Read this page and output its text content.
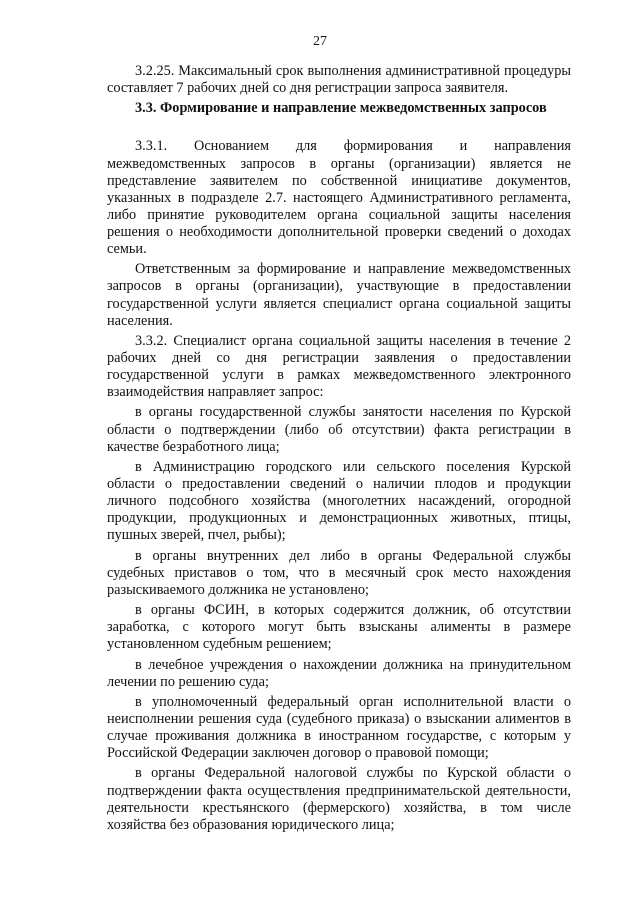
27

3.2.25. Максимальный срок выполнения административной процедуры составляет 7 рабочих дней со дня регистрации запроса заявителя.

3.3. Формирование и направление межведомственных запросов

3.3.1. Основанием для формирования и направления межведомственных запросов в органы (организации) является не представление заявителем по собственной инициативе документов, указанных в подразделе 2.7. настоящего Административного регламента, либо принятие руководителем органа социальной защиты населения решения о необходимости дополнительной проверки сведений о доходах семьи.

Ответственным за формирование и направление межведомственных запросов в органы (организации), участвующие в предоставлении государственной услуги является специалист органа социальной защиты населения.

3.3.2. Специалист органа социальной защиты населения в течение 2 рабочих дней со дня регистрации заявления о предоставлении государственной услуги в рамках межведомственного электронного взаимодействия направляет запрос:

в органы государственной службы занятости населения по Курской области о подтверждении (либо об отсутствии) факта регистрации в качестве безработного лица;

в Администрацию городского или сельского поселения Курской области о предоставлении сведений о наличии плодов и продукции личного подсобного хозяйства (многолетних насаждений, огородной продукции, продукционных и демонстрационных животных, птицы, пушных зверей, пчел, рыбы);

в органы внутренних дел либо в органы Федеральной службы судебных приставов о том, что в месячный срок место нахождения разыскиваемого должника не установлено;

в органы ФСИН, в которых содержится должник, об отсутствии заработка, с которого могут быть взысканы алименты в размере установленном судебным решением;

в лечебное учреждения о нахождении должника на принудительном лечении по решению суда;

в уполномоченный федеральный орган исполнительной власти о неисполнении решения суда (судебного приказа) о взыскании алиментов в случае проживания должника в иностранном государстве, с которым у Российской Федерации заключен договор о правовой помощи;

в органы Федеральной налоговой службы по Курской области о подтверждении факта осуществления предпринимательской деятельности, деятельности крестьянского (фермерского) хозяйства, в том числе хозяйства без образования юридического лица;
